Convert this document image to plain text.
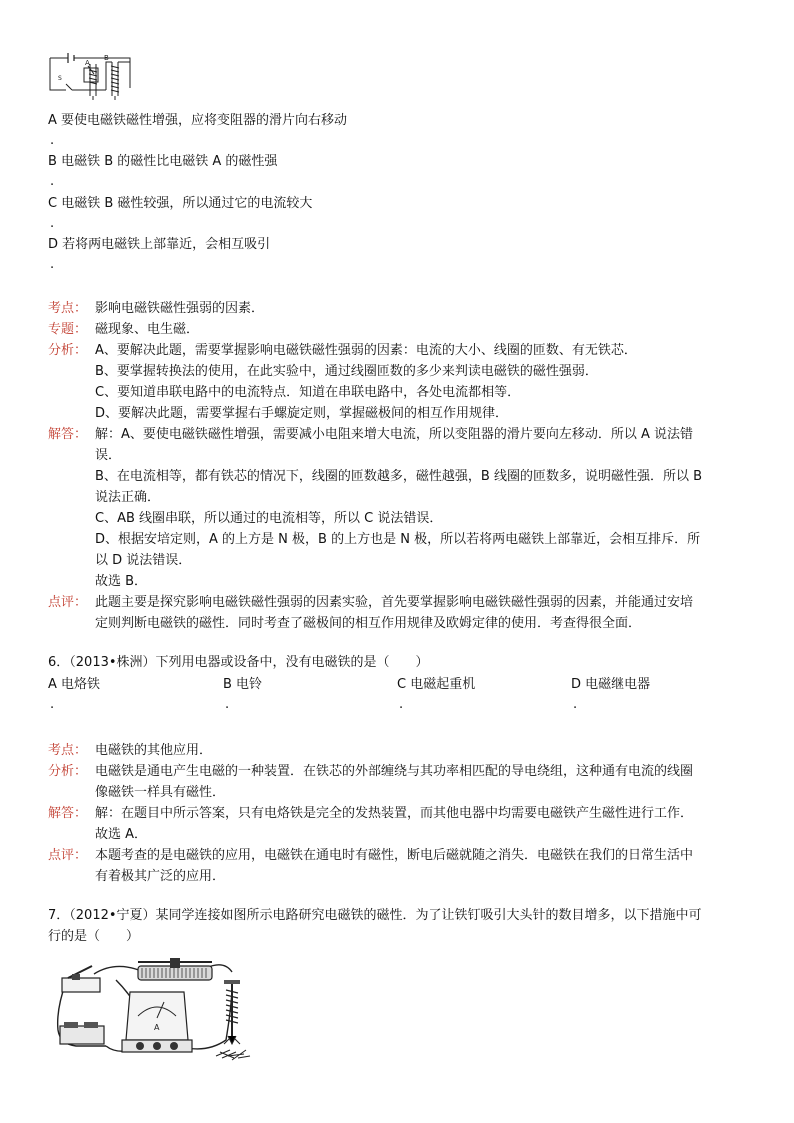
A
B
S
A 要使电磁铁磁性增强，应将变阻器的滑片向右移动
.
B 电磁铁 B 的磁性比电磁铁 A 的磁性强
.
C 电磁铁 B 磁性较强，所以通过它的电流较大
.
D 若将两电磁铁上部靠近，会相互吸引
.
考点： 影响电磁铁磁性强弱的因素．
专题： 磁现象、电生磁．
分析： A、要解决此题，需要掌握影响电磁铁磁性强弱的因素：电流的大小、线圈的匝数、有无铁芯．
B、要掌握转换法的使用，在此实验中，通过线圈匝数的多少来判读电磁铁的磁性强弱．
C、要知道串联电路中的电流特点．知道在串联电路中，各处电流都相等．
D、要解决此题，需要掌握右手螺旋定则，掌握磁极间的相互作用规律．
解答： 解：A、要使电磁铁磁性增强，需要减小电阻来增大电流，所以变阻器的滑片要向左移动．所以 A 说法错
误．
B、在电流相等，都有铁芯的情况下，线圈的匝数越多，磁性越强，B 线圈的匝数多，说明磁性强．所以 B
说法正确．
C、AB 线圈串联，所以通过的电流相等，所以 C 说法错误．
D、根据安培定则，A 的上方是 N 极，B 的上方也是 N 极，所以若将两电磁铁上部靠近，会相互排斥．所
以 D 说法错误．
故选 B．
点评： 此题主要是探究影响电磁铁磁性强弱的因素实验，首先要掌握影响电磁铁磁性强弱的因素，并能通过安培
定则判断电磁铁的磁性．同时考查了磁极间的相互作用规律及欧姆定律的使用．考查得很全面．
6．（2013•株洲）下列用电器或设备中，没有电磁铁的是（　　）
A 电烙铁	B 电铃	C 电磁起重机	D 电磁继电器
.	.	.	.
考点： 电磁铁的其他应用．
分析： 电磁铁是通电产生电磁的一种装置．在铁芯的外部缠绕与其功率相匹配的导电绕组，这种通有电流的线圈
像磁铁一样具有磁性．
解答： 解：在题目中所示答案，只有电烙铁是完全的发热装置，而其他电器中均需要电磁铁产生磁性进行工作．
故选 A．
点评： 本题考查的是电磁铁的应用，电磁铁在通电时有磁性，断电后磁就随之消失．电磁铁在我们的日常生活中
有着极其广泛的应用．
7．（2012•宁夏）某同学连接如图所示电路研究电磁铁的磁性．为了让铁钉吸引大头针的数目增多，以下措施中可
行的是（　　）
A
